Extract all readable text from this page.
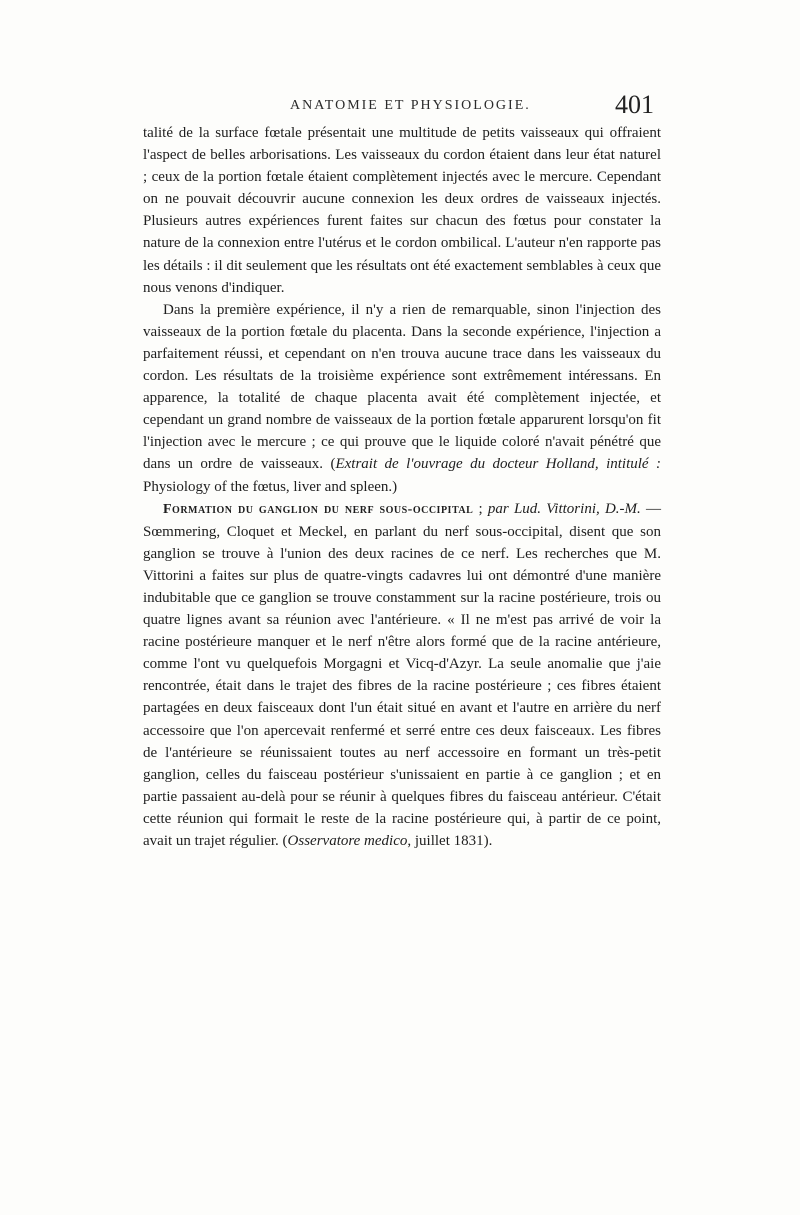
ANATOMIE ET PHYSIOLOGIE.	401

talité de la surface fœtale présentait une multitude de petits vaisseaux qui offraient l'aspect de belles arborisations. Les vaisseaux du cordon étaient dans leur état naturel ; ceux de la portion fœtale étaient complètement injectés avec le mercure. Cependant on ne pouvait découvrir aucune connexion les deux ordres de vaisseaux injectés. Plusieurs autres expériences furent faites sur chacun des fœtus pour constater la nature de la connexion entre l'utérus et le cordon ombilical. L'auteur n'en rapporte pas les détails : il dit seulement que les résultats ont été exactement semblables à ceux que nous venons d'indiquer.

Dans la première expérience, il n'y a rien de remarquable, sinon l'injection des vaisseaux de la portion fœtale du placenta. Dans la seconde expérience, l'injection a parfaitement réussi, et cependant on n'en trouva aucune trace dans les vaisseaux du cordon. Les résultats de la troisième expérience sont extrêmement intéressans. En apparence, la totalité de chaque placenta avait été complètement injectée, et cependant un grand nombre de vaisseaux de la portion fœtale apparurent lorsqu'on fit l'injection avec le mercure ; ce qui prouve que le liquide coloré n'avait pénétré que dans un ordre de vaisseaux. (Extrait de l'ouvrage du docteur Holland, intitulé : Physiology of the fœtus, liver and spleen.)

Formation du ganglion du nerf sous-occipital ; par Lud. Vittorini, D.-M. — Sœmmering, Cloquet et Meckel, en parlant du nerf sous-occipital, disent que son ganglion se trouve à l'union des deux racines de ce nerf. Les recherches que M. Vittorini a faites sur plus de quatre-vingts cadavres lui ont démontré d'une manière indubitable que ce ganglion se trouve constamment sur la racine postérieure, trois ou quatre lignes avant sa réunion avec l'antérieure. « Il ne m'est pas arrivé de voir la racine postérieure manquer et le nerf n'être alors formé que de la racine antérieure, comme l'ont vu quelquefois Morgagni et Vicq-d'Azyr. La seule anomalie que j'aie rencontrée, était dans le trajet des fibres de la racine postérieure ; ces fibres étaient partagées en deux faisceaux dont l'un était situé en avant et l'autre en arrière du nerf accessoire que l'on apercevait renfermé et serré entre ces deux faisceaux. Les fibres de l'antérieure se réunissaient toutes au nerf accessoire en formant un très-petit ganglion, celles du faisceau postérieur s'unissaient en partie à ce ganglion ; et en partie passaient au-delà pour se réunir à quelques fibres du faisceau antérieur. C'était cette réunion qui formait le reste de la racine postérieure qui, à partir de ce point, avait un trajet régulier. (Osservatore medico, juillet 1831).
